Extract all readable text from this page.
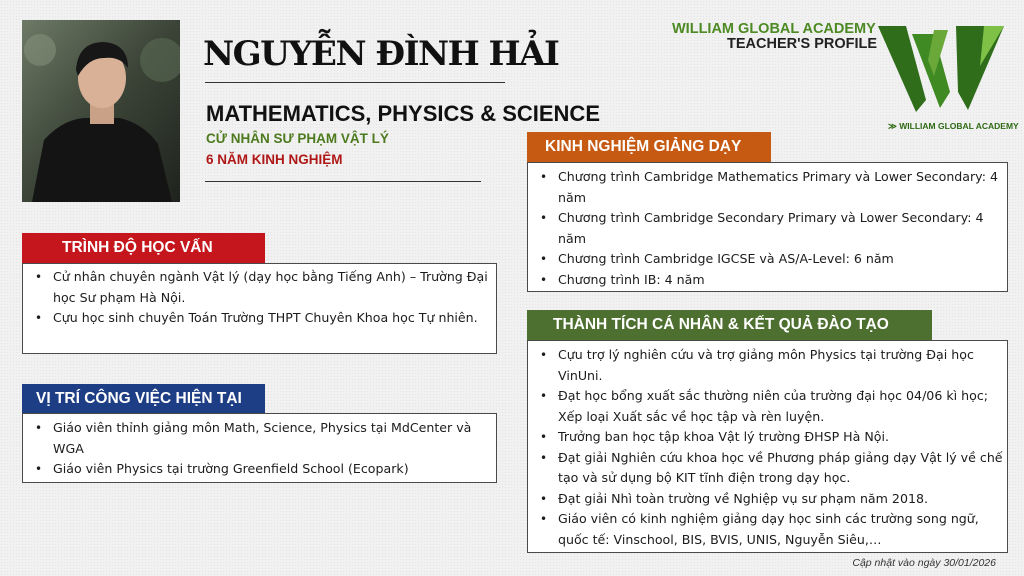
NGUYỄN ĐÌNH HẢI
MATHEMATICS, PHYSICS & SCIENCE
CỬ NHÂN SƯ PHẠM VẬT LÝ
6 NĂM KINH NGHIỆM
WILLIAM GLOBAL ACADEMY
TEACHER'S PROFILE
≫ WILLIAM GLOBAL ACADEMY
TRÌNH ĐỘ HỌC VẤN
• Cử nhân chuyên ngành Vật lý (dạy học bằng Tiếng Anh) – Trường Đại học Sư phạm Hà Nội.
• Cựu học sinh chuyên Toán Trường THPT Chuyên Khoa học Tự nhiên.
VỊ TRÍ CÔNG VIỆC HIỆN TẠI
• Giáo viên thỉnh giảng môn Math, Science, Physics tại MdCenter và WGA
• Giáo viên Physics tại trường Greenfield School (Ecopark)
KINH NGHIỆM GIẢNG DẠY
• Chương trình Cambridge Mathematics Primary và Lower Secondary: 4 năm
• Chương trình Cambridge Secondary Primary và Lower Secondary: 4 năm
• Chương trình Cambridge IGCSE và AS/A-Level: 6 năm
• Chương trình IB: 4 năm
THÀNH TÍCH CÁ NHÂN & KẾT QUẢ ĐÀO TẠO
• Cựu trợ lý nghiên cứu và trợ giảng môn Physics tại trường Đại học VinUni.
• Đạt học bổng xuất sắc thường niên của trường đại học 04/06 kì học; Xếp loại Xuất sắc về học tập và rèn luyện.
• Trưởng ban học tập khoa Vật lý trường ĐHSP Hà Nội.
• Đạt giải Nghiên cứu khoa học về Phương pháp giảng dạy Vật lý về chế tạo và sử dụng bộ KIT tĩnh điện trong dạy học.
• Đạt giải Nhì toàn trường về Nghiệp vụ sư phạm năm 2018.
• Giáo viên có kinh nghiệm giảng dạy học sinh các trường song ngữ, quốc tế: Vinschool, BIS, BVIS, UNIS, Nguyễn Siêu,…
Cập nhật vào ngày 30/01/2026
